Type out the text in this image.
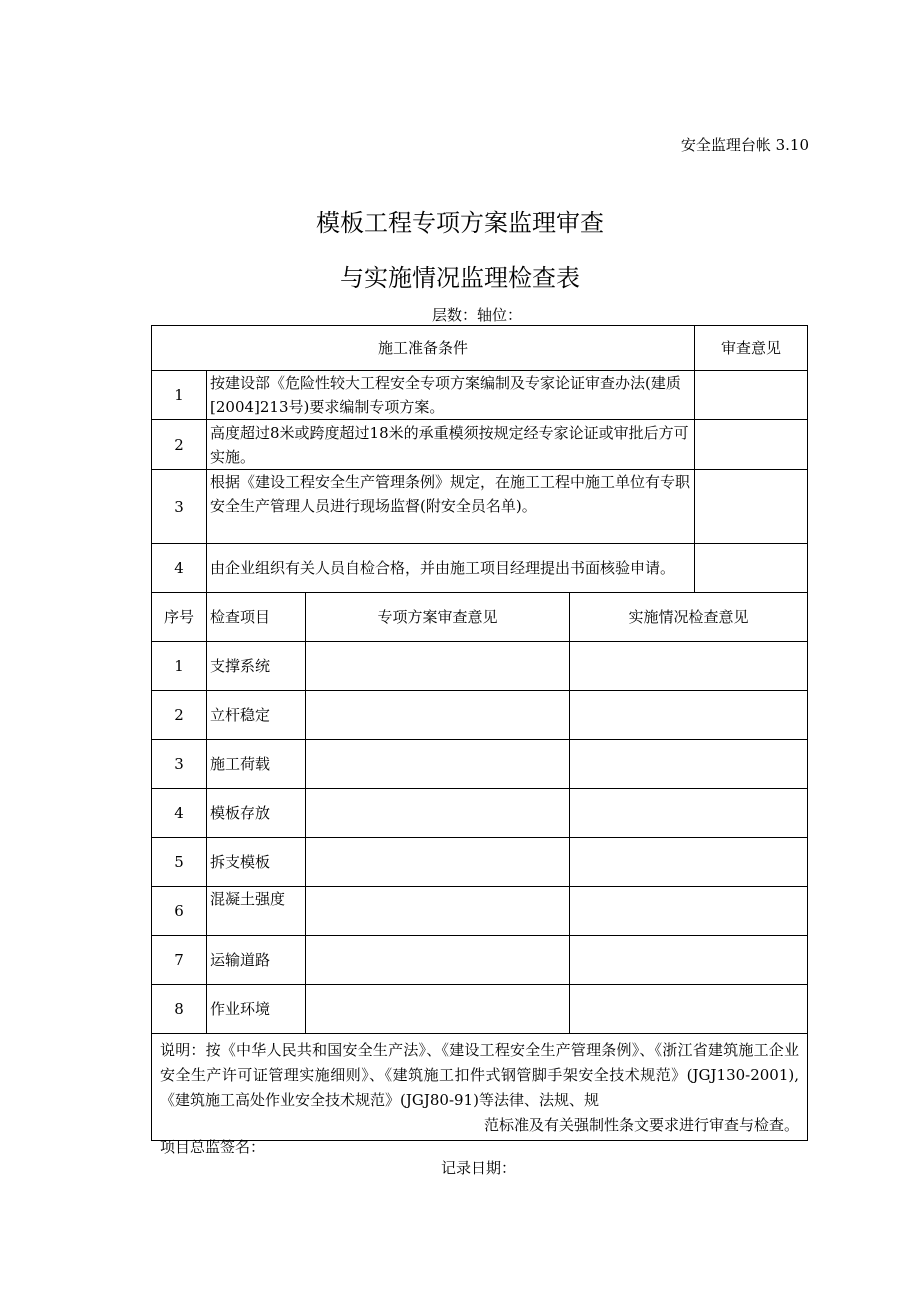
安全监理台帐 3.10
模板工程专项方案监理审查
与实施情况监理检查表
层数：轴位：
施工准备条件				审查意见
1	按建设部《危险性较大工程安全专项方案编制及专家论证审查办法(建质[2004]213号)要求编制专项方案。			
2	高度超过8米或跨度超过18米的承重模须按规定经专家论证或审批后方可实施。			
3	根据《建设工程安全生产管理条例》规定，在施工工程中施工单位有专职安全生产管理人员进行现场监督(附安全员名单)。			
4	由企业组织有关人员自检合格，并由施工项目经理提出书面核验申请。			
序号	检查项目	专项方案审查意见	实施情况检查意见	
1	支撑系统			
2	立杆稳定			
3	施工荷载			
4	模板存放			
5	拆支模板			
6	混凝土强度			
7	运输道路			
8	作业环境			
说明：按《中华人民共和国安全生产法》、《建设工程安全生产管理条例》、《浙江省建筑施工企业安全生产许可证管理实施细则》、《建筑施工扣件式钢管脚手架安全技术规范》(JGJ130-2001),《建筑施工高处作业安全技术规范》(JGJ80-91)等法律、法规、规
范标准及有关强制性条文要求进行审查与检查。				
项目总监签名：
记录日期：
